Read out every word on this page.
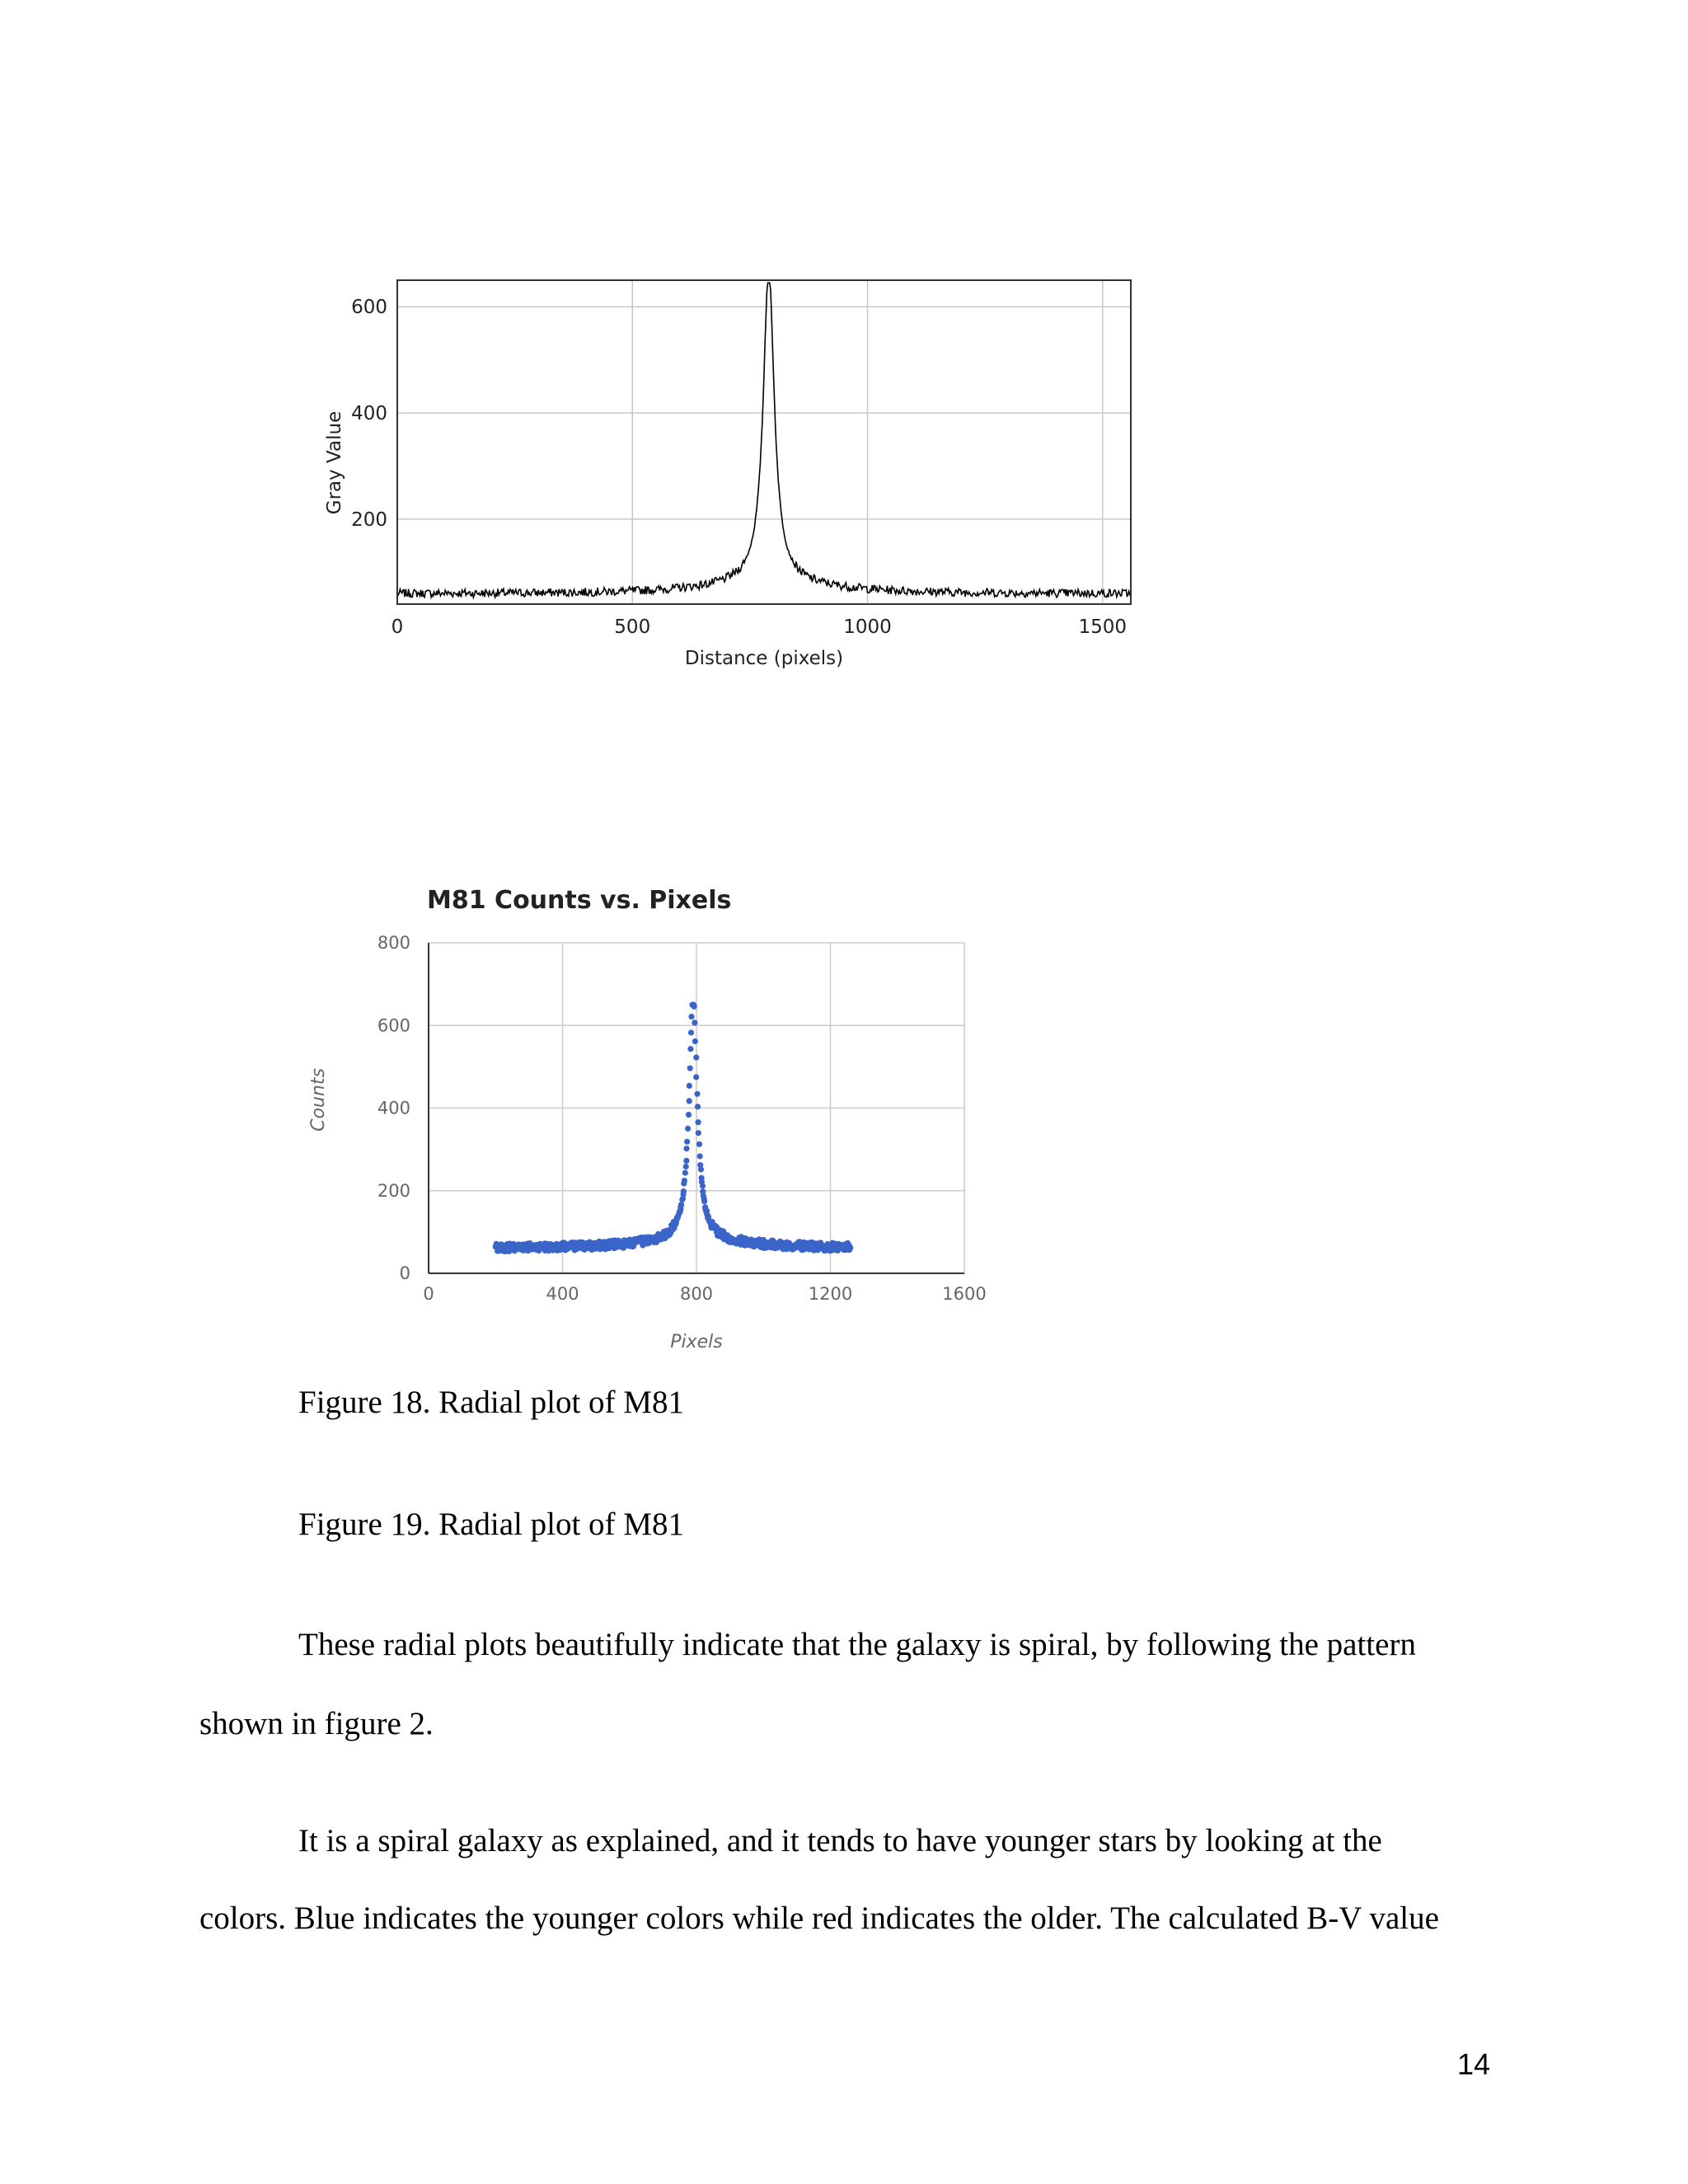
0	500	1000	1500
200
400
600
Distance (pixels)
Gray Value
M81 Counts vs. Pixels
0	400	800	1200	1600
0
200
400
600
800
Pixels
Counts
Figure 18. Radial plot of M81
Figure 19. Radial plot of M81
These radial plots beautifully indicate that the galaxy is spiral, by following the pattern
shown in figure 2.
It is a spiral galaxy as explained, and it tends to have younger stars by looking at the
colors. Blue indicates the younger colors while red indicates the older. The calculated B-V value
14
